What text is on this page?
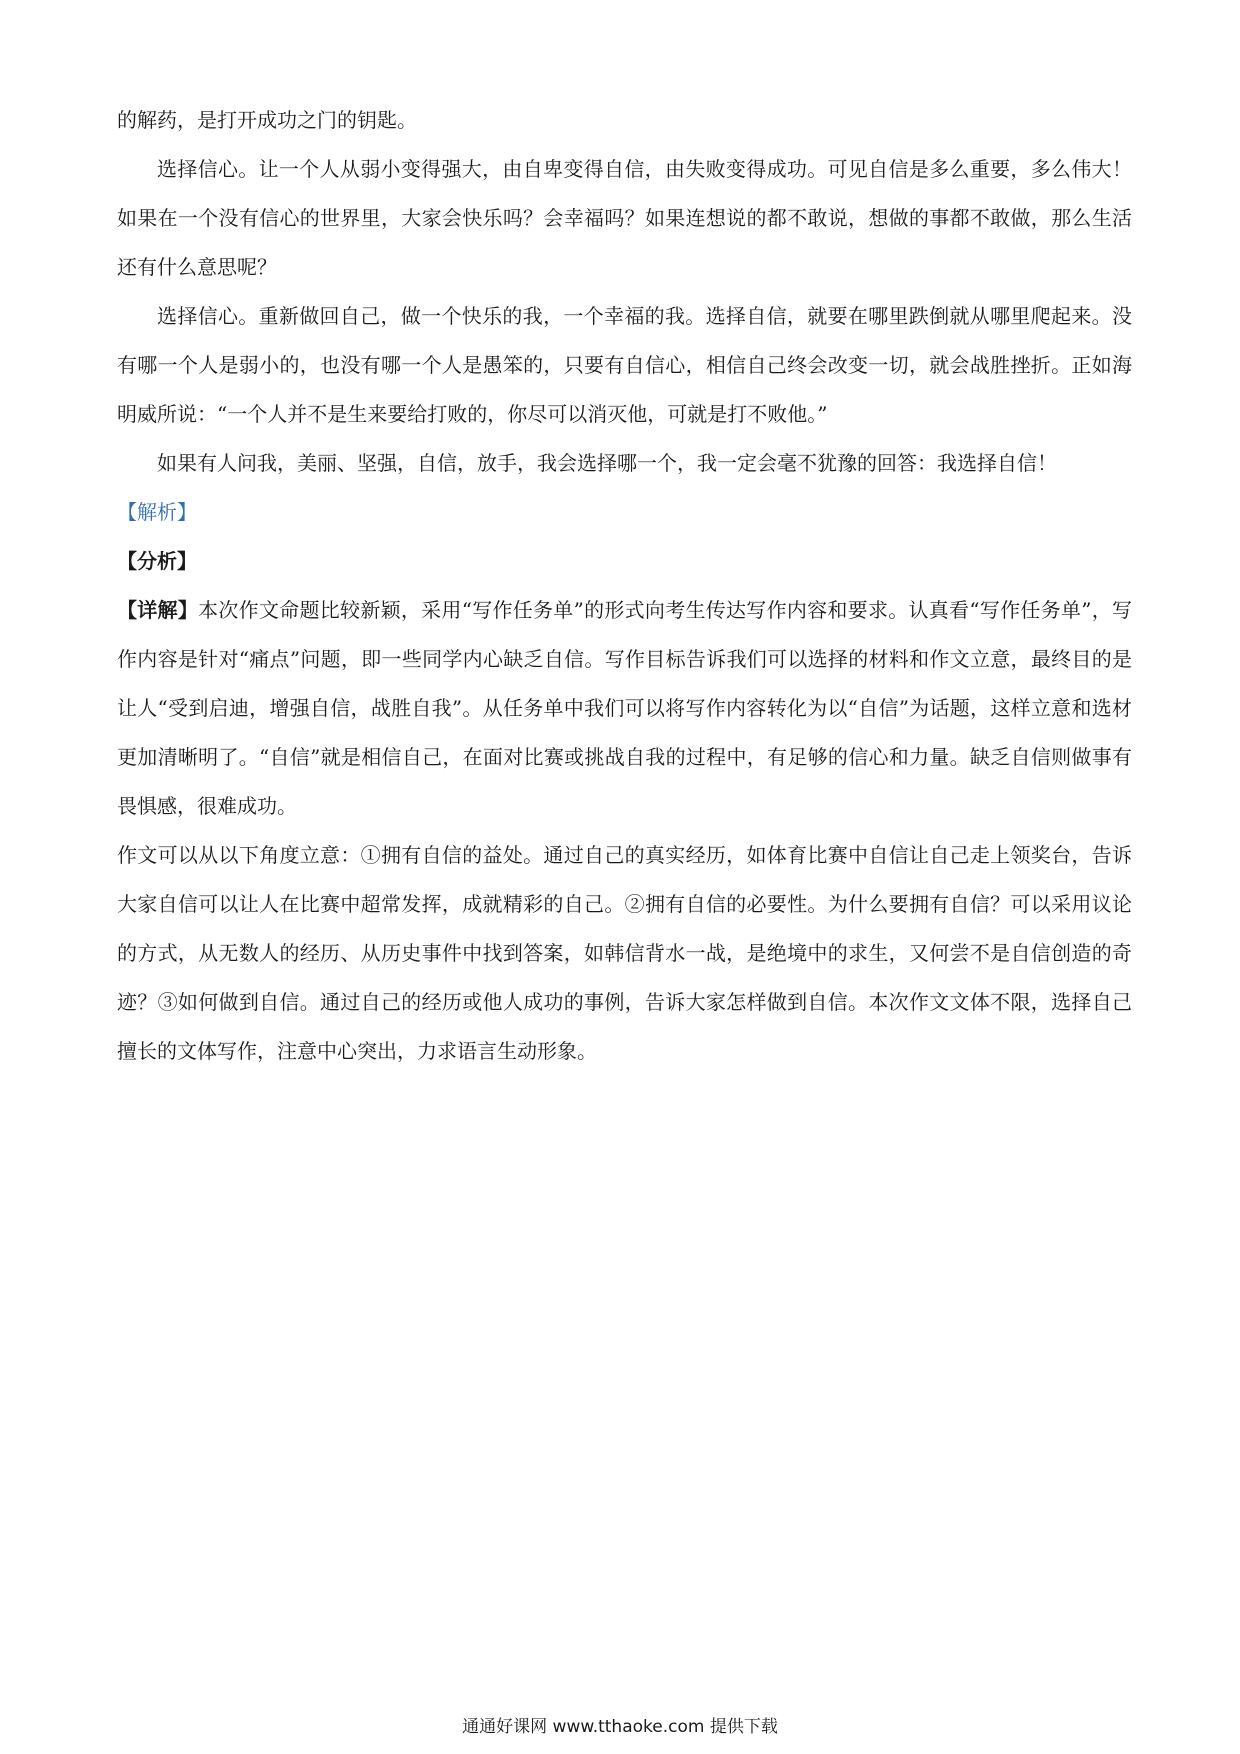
的解药，是打开成功之门的钥匙。

选择信心。让一个人从弱小变得强大，由自卑变得自信，由失败变得成功。可见自信是多么重要，多么伟大！如果在一个没有信心的世界里，大家会快乐吗？会幸福吗？如果连想说的都不敢说，想做的事都不敢做，那么生活还有什么意思呢？

选择信心。重新做回自己，做一个快乐的我，一个幸福的我。选择自信，就要在哪里跌倒就从哪里爬起来。没有哪一个人是弱小的，也没有哪一个人是愚笨的，只要有自信心，相信自己终会改变一切，就会战胜挫折。正如海明威所说：“一个人并不是生来要给打败的，你尽可以消灭他，可就是打不败他。”

如果有人问我，美丽、坚强，自信，放手，我会选择哪一个，我一定会毫不犹豫的回答：我选择自信！

【解析】

【分析】

【详解】本次作文命题比较新颖，采用“写作任务单”的形式向考生传达写作内容和要求。认真看“写作任务单”，写作内容是针对“痛点”问题，即一些同学内心缺乏自信。写作目标告诉我们可以选择的材料和作文立意，最终目的是让人“受到启迪，增强自信，战胜自我”。从任务单中我们可以将写作内容转化为以“自信”为话题，这样立意和选材更加清晰明了。“自信”就是相信自己，在面对比赛或挑战自我的过程中，有足够的信心和力量。缺乏自信则做事有畏惧感，很难成功。

作文可以从以下角度立意：①拥有自信的益处。通过自己的真实经历，如体育比赛中自信让自己走上领奖台，告诉大家自信可以让人在比赛中超常发挥，成就精彩的自己。②拥有自信的必要性。为什么要拥有自信？可以采用议论的方式，从无数人的经历、从历史事件中找到答案，如韩信背水一战，是绝境中的求生，又何尝不是自信创造的奇迹？③如何做到自信。通过自己的经历或他人成功的事例，告诉大家怎样做到自信。本次作文文体不限，选择自己擅长的文体写作，注意中心突出，力求语言生动形象。

通通好课网 www.tthaoke.com 提供下载
